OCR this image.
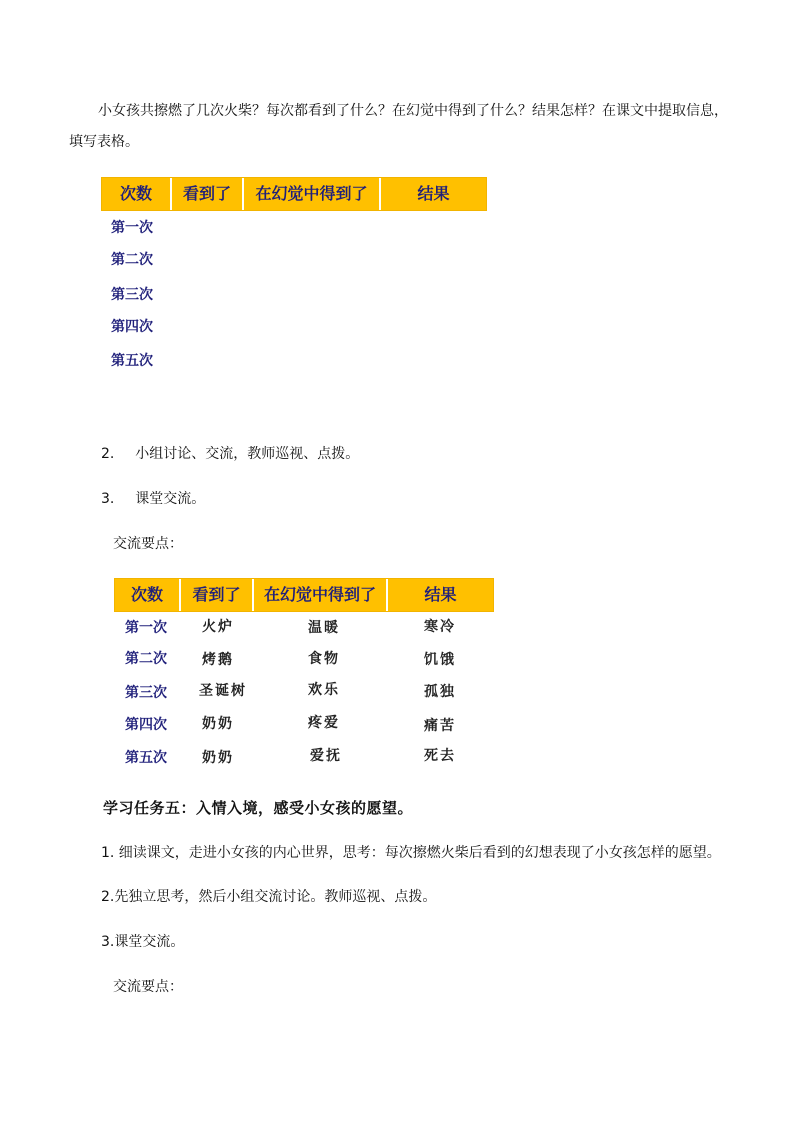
小女孩共擦燃了几次火柴？每次都看到了什么？在幻觉中得到了什么？结果怎样？在课文中提取信息，
填写表格。
次数	看到了	在幻觉中得到了	结果
第一次
第二次
第三次
第四次
第五次
2. 小组讨论、交流，教师巡视、点拨。
3. 课堂交流。
交流要点：
次数	看到了	在幻觉中得到了	结果
第一次	火炉	温暖	寒冷
第二次	烤鹅	食物	饥饿
第三次 圣诞树	欢乐	孤独
第四次	奶奶	疼爱	痛苦
第五次	奶奶	爱抚	死去
学习任务五：入情入境，感受小女孩的愿望。
1. 细读课文，走进小女孩的内心世界，思考：每次擦燃火柴后看到的幻想表现了小女孩怎样的愿望。
2.先独立思考，然后小组交流讨论。教师巡视、点拨。
3.课堂交流。
交流要点：
